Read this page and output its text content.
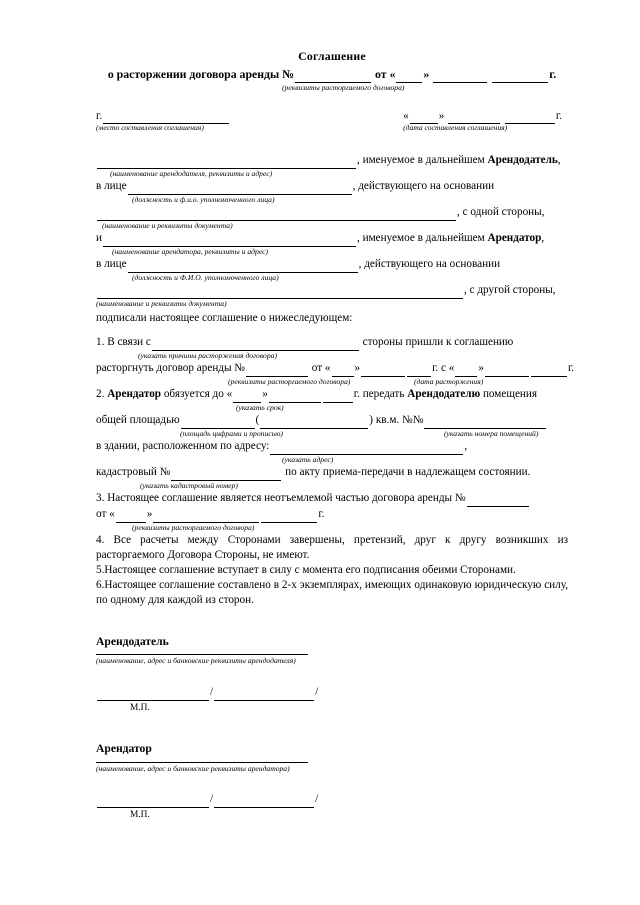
Соглашение
о расторжении договора аренды №	от « »	г.
(реквизиты расторгаемого договора)
г.
(место составления соглашения)
«	»	г.
(дата составления соглашения)
, именуемое в дальнейшем Арендодатель,
(наименование арендодателя, реквизиты и адрес)
в лице	, действующего на основании
(должность и ф.и.о. уполномоченного лица)
, с одной стороны,
(наименование и реквизиты документа)
и	, именуемое в дальнейшем Арендатор,
(наименование арендатора, реквизиты и адрес)
в лице	, действующего на основании
(должность и Ф.И.О. уполномоченного лица)
, с другой стороны,
(наименование и реквизиты документа)
подписали настоящее соглашение о нижеследующем:
1. В связи с	стороны пришли к соглашению
(указать причины расторжения договора)
расторгнуть договор аренды №	от « »	г. с « »	г.
(реквизиты расторгаемого договора)	(дата расторжения)
2. Арендатор обязуется до «	»	г. передать Арендодателю помещения
(указать срок)
общей площадью	(	) кв.м. №№
(площадь цифрами и прописью)	(указать номера помещений)
в здании, расположенном по адресу:	,
(указать адрес)
кадастровый №	по акту приема-передачи в надлежащем состоянии.
(указать кадастровый номер)
3. Настоящее соглашение является неотъемлемой частью договора аренды №
от «	»	г.
(реквизиты расторгаемого договора)
4. Все расчеты между Сторонами завершены, претензий, друг к другу возникших из расторгаемого Договора Стороны, не имеют.
5.Настоящее соглашение вступает в силу с момента его подписания обеими Сторонами.
6.Настоящее соглашение составлено в 2-х экземплярах, имеющих одинаковую юридическую силу, по одному для каждой из сторон.
Арендодатель
(наименование, адрес и банковские реквизиты арендодателя)
/	/
М.П.
Арендатор
(наименование, адрес и банковские реквизиты арендатора)
/	/
М.П.
